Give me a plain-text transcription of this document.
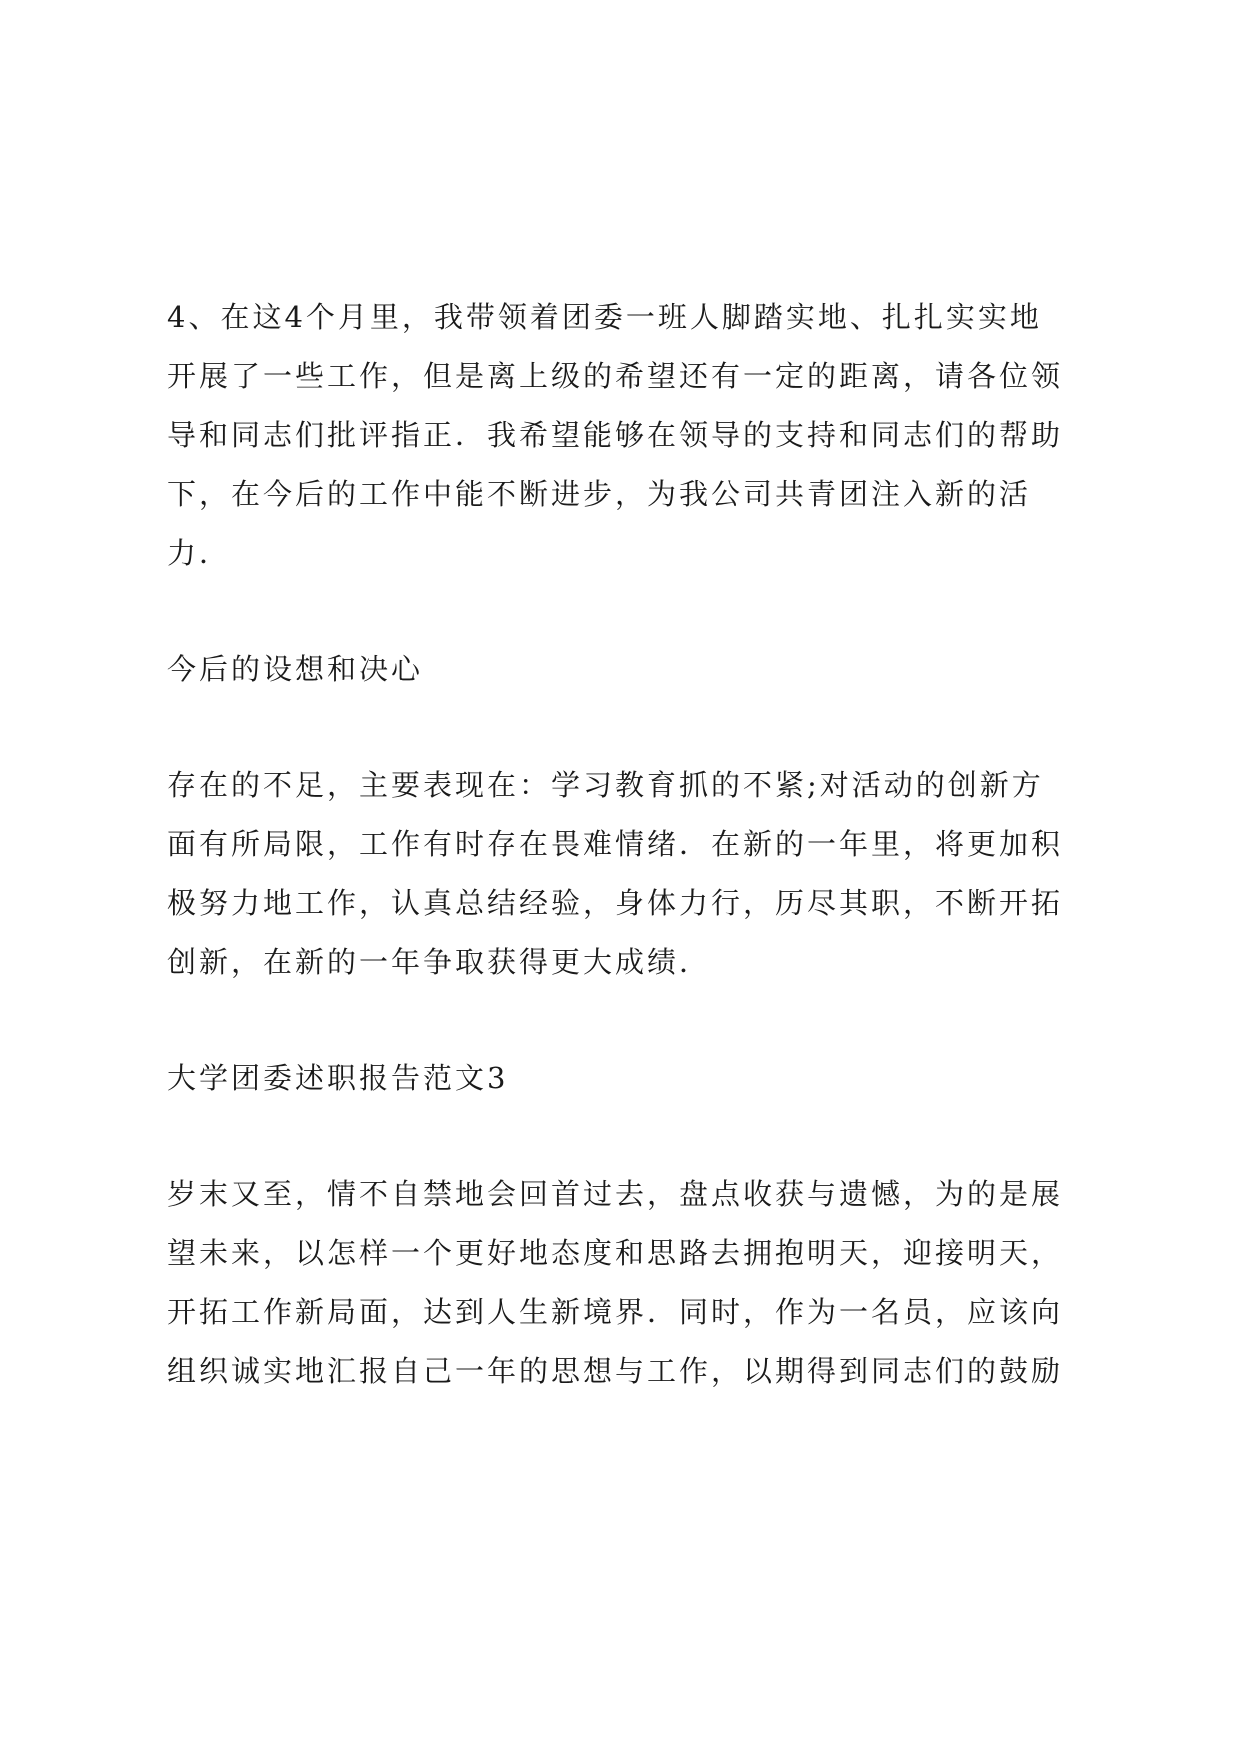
4、在这4个月里，我带领着团委一班人脚踏实地、扎扎实实地
开展了一些工作，但是离上级的希望还有一定的距离，请各位领
导和同志们批评指正．我希望能够在领导的支持和同志们的帮助
下，在今后的工作中能不断进步，为我公司共青团注入新的活
力．

今后的设想和决心

存在的不足，主要表现在：学习教育抓的不紧;对活动的创新方
面有所局限，工作有时存在畏难情绪．在新的一年里，将更加积
极努力地工作，认真总结经验，身体力行，历尽其职，不断开拓
创新，在新的一年争取获得更大成绩．

大学团委述职报告范文3

岁末又至，情不自禁地会回首过去，盘点收获与遗憾，为的是展
望未来，以怎样一个更好地态度和思路去拥抱明天，迎接明天，
开拓工作新局面，达到人生新境界．同时，作为一名员，应该向
组织诚实地汇报自己一年的思想与工作，以期得到同志们的鼓励
